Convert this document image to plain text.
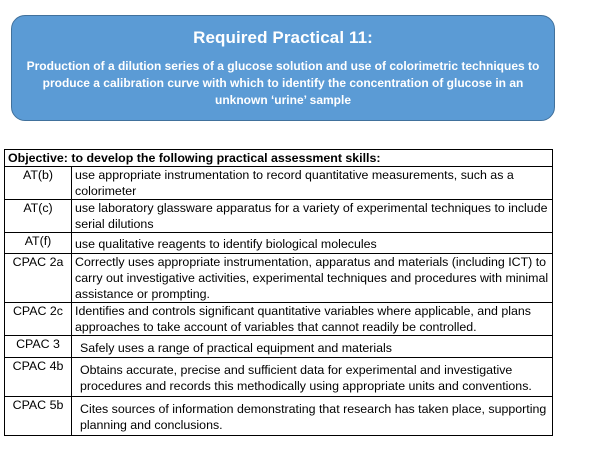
Required Practical 11:
Production of a dilution series of a glucose solution and use of colorimetric techniques to produce a calibration curve with which to identify the concentration of glucose in an unknown ‘urine’ sample
Objective: to develop the following practical assessment skills:	
AT(b)	use appropriate instrumentation to record quantitative measurements, such as a colorimeter
AT(c)	use laboratory glassware apparatus for a variety of experimental techniques to include serial dilutions
AT(f)	use qualitative reagents to identify biological molecules
CPAC 2a	Correctly uses appropriate instrumentation, apparatus and materials (including ICT) to carry out investigative activities, experimental techniques and procedures with minimal assistance or prompting.
CPAC 2c	Identifies and controls significant quantitative variables where applicable, and plans approaches to take account of variables that cannot readily be controlled.
CPAC 3	Safely uses a range of practical equipment and materials
CPAC 4b	Obtains accurate, precise and sufficient data for experimental and investigative procedures and records this methodically using appropriate units and conventions.
CPAC 5b	Cites sources of information demonstrating that research has taken place, supporting planning and conclusions.
